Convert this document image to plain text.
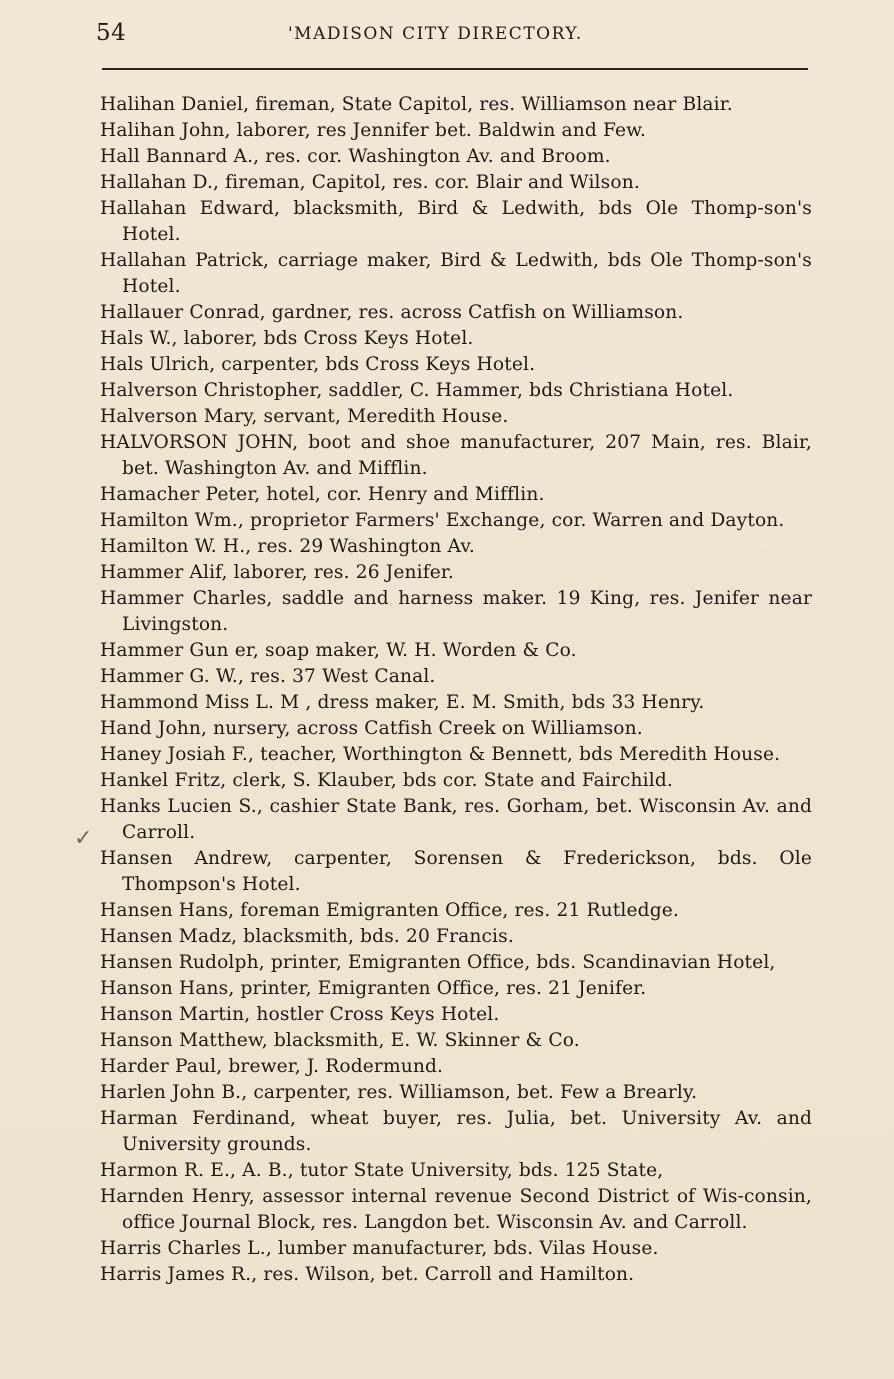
54	'MADISON CITY DIRECTORY.
✓

Halihan Daniel, fireman, State Capitol, res. Williamson near Blair.

Halihan John, laborer, res Jennifer bet. Baldwin and Few.

Hall Bannard A., res. cor. Washington Av. and Broom.

Hallahan D., fireman, Capitol, res. cor. Blair and Wilson.

Hallahan Edward, blacksmith, Bird & Ledwith, bds Ole Thomp-son's Hotel.

Hallahan Patrick, carriage maker, Bird & Ledwith, bds Ole Thomp-son's Hotel.

Hallauer Conrad, gardner, res. across Catfish on Williamson.

Hals W., laborer, bds Cross Keys Hotel.

Hals Ulrich, carpenter, bds Cross Keys Hotel.

Halverson Christopher, saddler, C. Hammer, bds Christiana Hotel.

Halverson Mary, servant, Meredith House.

HALVORSON JOHN, boot and shoe manufacturer, 207 Main, res. Blair, bet. Washington Av. and Mifflin.

Hamacher Peter, hotel, cor. Henry and Mifflin.

Hamilton Wm., proprietor Farmers' Exchange, cor. Warren and Dayton.

Hamilton W. H., res. 29 Washington Av.

Hammer Alif, laborer, res. 26 Jenifer.

Hammer Charles, saddle and harness maker. 19 King, res. Jenifer near Livingston.

Hammer Gun er, soap maker, W. H. Worden & Co.

Hammer G. W., res. 37 West Canal.

Hammond Miss L. M , dress maker, E. M. Smith, bds 33 Henry.

Hand John, nursery, across Catfish Creek on Williamson.

Haney Josiah F., teacher, Worthington & Bennett, bds Meredith House.

Hankel Fritz, clerk, S. Klauber, bds cor. State and Fairchild.

Hanks Lucien S., cashier State Bank, res. Gorham, bet. Wisconsin Av. and Carroll.

Hansen Andrew, carpenter, Sorensen & Frederickson, bds. Ole Thompson's Hotel.

Hansen Hans, foreman Emigranten Office, res. 21 Rutledge.

Hansen Madz, blacksmith, bds. 20 Francis.

Hansen Rudolph, printer, Emigranten Office, bds. Scandinavian Hotel,

Hanson Hans, printer, Emigranten Office, res. 21 Jenifer.

Hanson Martin, hostler Cross Keys Hotel.

Hanson Matthew, blacksmith, E. W. Skinner & Co.

Harder Paul, brewer, J. Rodermund.

Harlen John B., carpenter, res. Williamson, bet. Few a Brearly.

Harman Ferdinand, wheat buyer, res. Julia, bet. University Av. and University grounds.

Harmon R. E., A. B., tutor State University, bds. 125 State,

Harnden Henry, assessor internal revenue Second District of Wis-consin, office Journal Block, res. Langdon bet. Wisconsin Av. and Carroll.

Harris Charles L., lumber manufacturer, bds. Vilas House.

Harris James R., res. Wilson, bet. Carroll and Hamilton.
